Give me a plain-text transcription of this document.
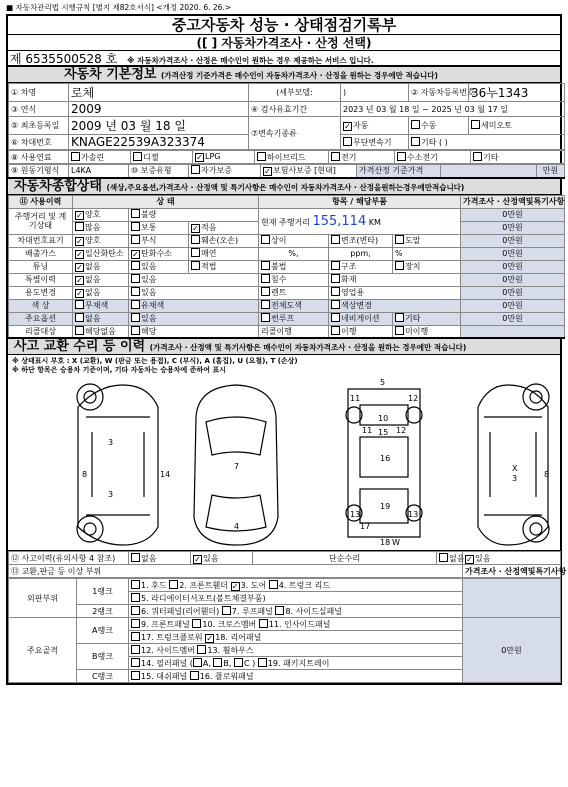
■ 자동차관리법 시행규칙 [별지 제82호서식] <개정 2020. 6. 26.>
중고자동차 성능 · 상태점검기록부
([ ] 자동차가격조사 · 산정 선택)
제 6535500528 호 ※ 자동차가격조사 · 산정은 매수인이 원하는 경우 제공하는 서비스 입니다.
자동차 기본정보 (가격산정 기준가격은 매수인이 자동차가격조사 · 산정을 원하는 경우에만 적습니다)
① 차명	로체	(세부모델:	)	② 자동차등록번호	36누1343
③ 연식	2009	④ 검사유효기간	2023 년 03 월 18 일 ~ 2025 년 03 월 17 일		
⑤ 최초등록일	2009 년 03 월 18 일	⑦변속기종류	✓ 자동	수동	세미오토
⑥ 차대번호	KNAGE22539A323374		무단변속기	기타 ( )	
⑧ 사용연료	가솔린	디젤	✓ LPG	하이브리드	전기	수소전기	기타
⑨ 원동기형식	L4KA	⑩ 보증유형	자가보증	✓ 보험사보증 [현대]	가격산정 기준가격		만원
자동차종합상태 (색상,주요옵션,가격조사 · 산정액 및 특기사항은 매수인이 자동차가격조사 · 산정을원하는경우에만적습니다)
⑪ 사용이력	상 태			항목 / 해당부품			가격조사 · 산정액및특기사항
주행거리 및 계기상태	✓ 양호	불량		현재 주행거리 155,114 KM			0만원
	많음	보통	✓ 적음				0만원
차대번호표기	✓ 양호	부식	훼손(오손)	상이	변조(변타)	도말	0만원
배출가스	✓ 일산화탄소	✓ 탄화수소	매연	%,	ppm,	%	0만원
튜닝	✓ 없음	있음	적법	불법	구조	장치	0만원
특별이력	✓ 없음	있음		침수	화재		0만원
용도변경	✓ 없음	있음		렌트	영업용		0만원
색 상	무채색	유채색		전체도색	색상변경		0만원
주요옵션	없음	있음		썬루프	네비게이션	기타	0만원
리콜대상	해당없음	해당		리콜이행	이행	미이행	
사고 교환 수리 등 이력 (가격조사 · 산정액 및 특기사항은 매수인이 자동차가격조사 · 산정을 원하는 경우에만 적습니다)
※ 상태표시 부호 : X (교환), W (판금 또는 용접), C (부식), A (흠집), U (요철), T (손상)
※ 하단 항목은 승용차 기준이며, 기타 자동차는 승용차에 준하여 표시
3
8
7
4
3
14
5
11	12
11	12
10
15
16
13	13
19
17
18 W
X
3	8
⑫ 사고이력(유의사항 4 참조)	없음	✓ 있음	단순수리	없음	✓ 있음
⑬ 교환,판금 등 이상 부위					가격조사 · 산정액및특기사항
외판부위	1랭크	1. 후드 2. 프론트휀더 ✓ 3. 도어 4. 트렁크 리드	
		5. 라디에이터서포트(볼트체결부품)	
	2랭크	6. 쿼터패널(리어휀더) 7. 루프패널 8. 사이드실패널	
주요골격	A랭크	9. 프론트패널 10. 크로스멤버 11. 인사이드패널	0만원
		17. 트렁크플로워 ✓ 18. 리어패널	
	B랭크	12. 사이드멤버 13. 휠하우스	
		14. 필러패널 ( A, B, C ) 19. 패키지트레이	
	C랭크	15. 대쉬패널 16. 플로워패널	
